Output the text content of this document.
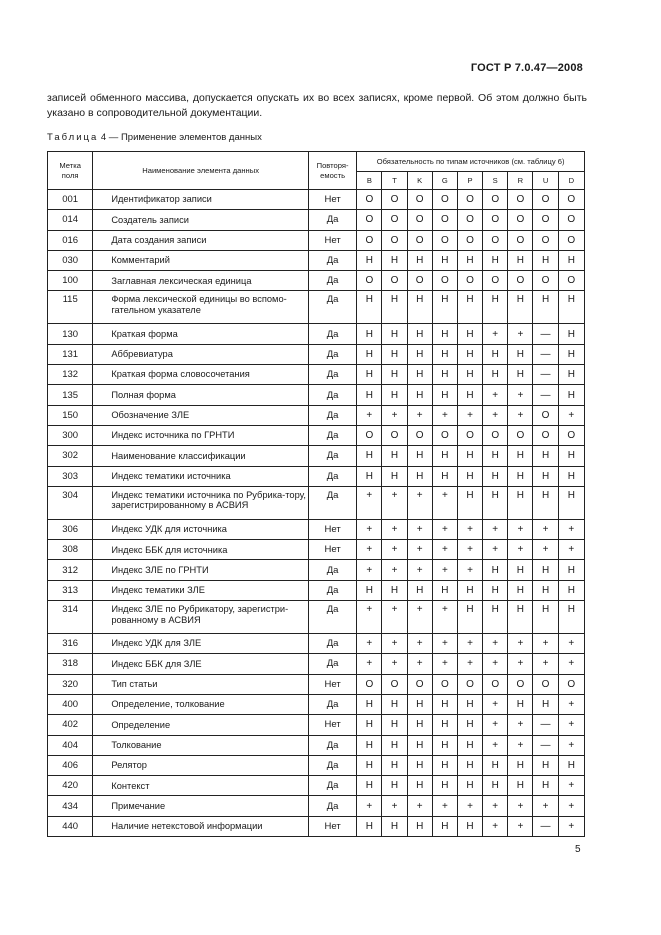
ГОСТ Р 7.0.47—2008
записей обменного массива, допускается опускать их во всех записях, кроме первой. Об этом должно быть указано в сопроводительной документации.
Таблица 4 — Применение элементов данных
Метка поля	Наименование элемента данных	Повторя-емость	Обязательность по типам источников (см. таблицу 6)								
			B	T	K	G	P	S	R	U	D
001	Идентификатор записи	Нет	O	O	O	O	O	O	O	O	O
014	Создатель записи	Да	O	O	O	O	O	O	O	O	O
016	Дата создания записи	Нет	O	O	O	O	O	O	O	O	O
030	Комментарий	Да	H	H	H	H	H	H	H	H	H
100	Заглавная лексическая единица	Да	O	O	O	O	O	O	O	O	O
115	Форма лексической единицы во вспомо-гательном указателе	Да	H	H	H	H	H	H	H	H	H
130	Краткая форма	Да	H	H	H	H	H	+	+	—	H
131	Аббревиатура	Да	H	H	H	H	H	H	H	—	H
132	Краткая форма словосочетания	Да	H	H	H	H	H	H	H	—	H
135	Полная форма	Да	H	H	H	H	H	+	+	—	H
150	Обозначение ЗЛЕ	Да	+	+	+	+	+	+	+	O	+
300	Индекс источника по ГРНТИ	Да	O	O	O	O	O	O	O	O	O
302	Наименование классификации	Да	H	H	H	H	H	H	H	H	H
303	Индекс тематики источника	Да	H	H	H	H	H	H	H	H	H
304	Индекс тематики источника по Рубрика-тору, зарегистрированному в АСВИЯ	Да	+	+	+	+	H	H	H	H	H
306	Индекс УДК для источника	Нет	+	+	+	+	+	+	+	+	+
308	Индекс ББК для источника	Нет	+	+	+	+	+	+	+	+	+
312	Индекс ЗЛЕ по ГРНТИ	Да	+	+	+	+	+	H	H	H	H
313	Индекс тематики ЗЛЕ	Да	H	H	H	H	H	H	H	H	H
314	Индекс ЗЛЕ по Рубрикатору, зарегистри-рованному в АСВИЯ	Да	+	+	+	+	H	H	H	H	H
316	Индекс УДК для ЗЛЕ	Да	+	+	+	+	+	+	+	+	+
318	Индекс ББК для ЗЛЕ	Да	+	+	+	+	+	+	+	+	+
320	Тип статьи	Нет	O	O	O	O	O	O	O	O	O
400	Определение, толкование	Да	H	H	H	H	H	+	H	H	+
402	Определение	Нет	H	H	H	H	H	+	+	—	+
404	Толкование	Да	H	H	H	H	H	+	+	—	+
406	Релятор	Да	H	H	H	H	H	H	H	H	H
420	Контекст	Да	H	H	H	H	H	H	H	H	+
434	Примечание	Да	+	+	+	+	+	+	+	+	+
440	Наличие нетекстовой информации	Нет	H	H	H	H	H	+	+	—	+
5
